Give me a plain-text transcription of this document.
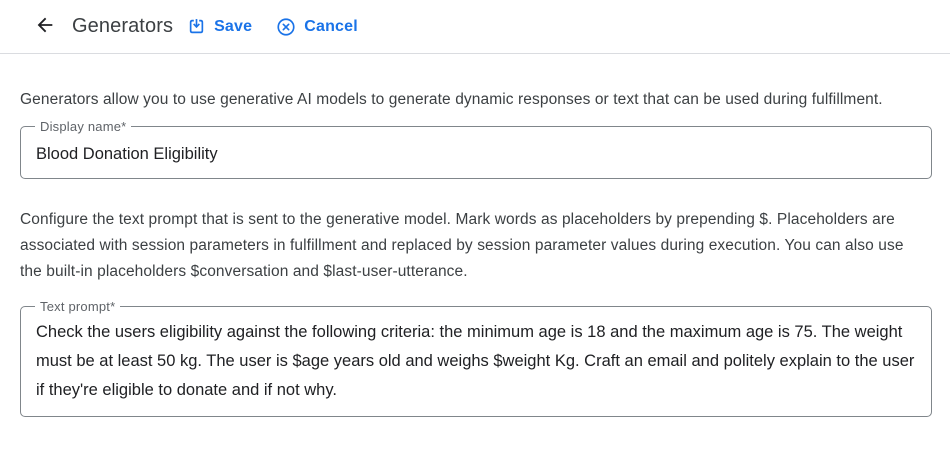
Generators	Save	Cancel

Generators allow you to use generative AI models to generate dynamic responses or text that can be used during fulfillment.

Display name*
Blood Donation Eligibility

Configure the text prompt that is sent to the generative model. Mark words as placeholders by prepending $. Placeholders are associated with session parameters in fulfillment and replaced by session parameter values during execution. You can also use the built-in placeholders $conversation and $last-user-utterance.

Text prompt*
Check the users eligibility against the following criteria: the minimum age is 18 and the maximum age is 75. The weight must be at least 50 kg. The user is $age years old and weighs $weight Kg. Craft an email and politely explain to the user if they're eligible to donate and if not why.
